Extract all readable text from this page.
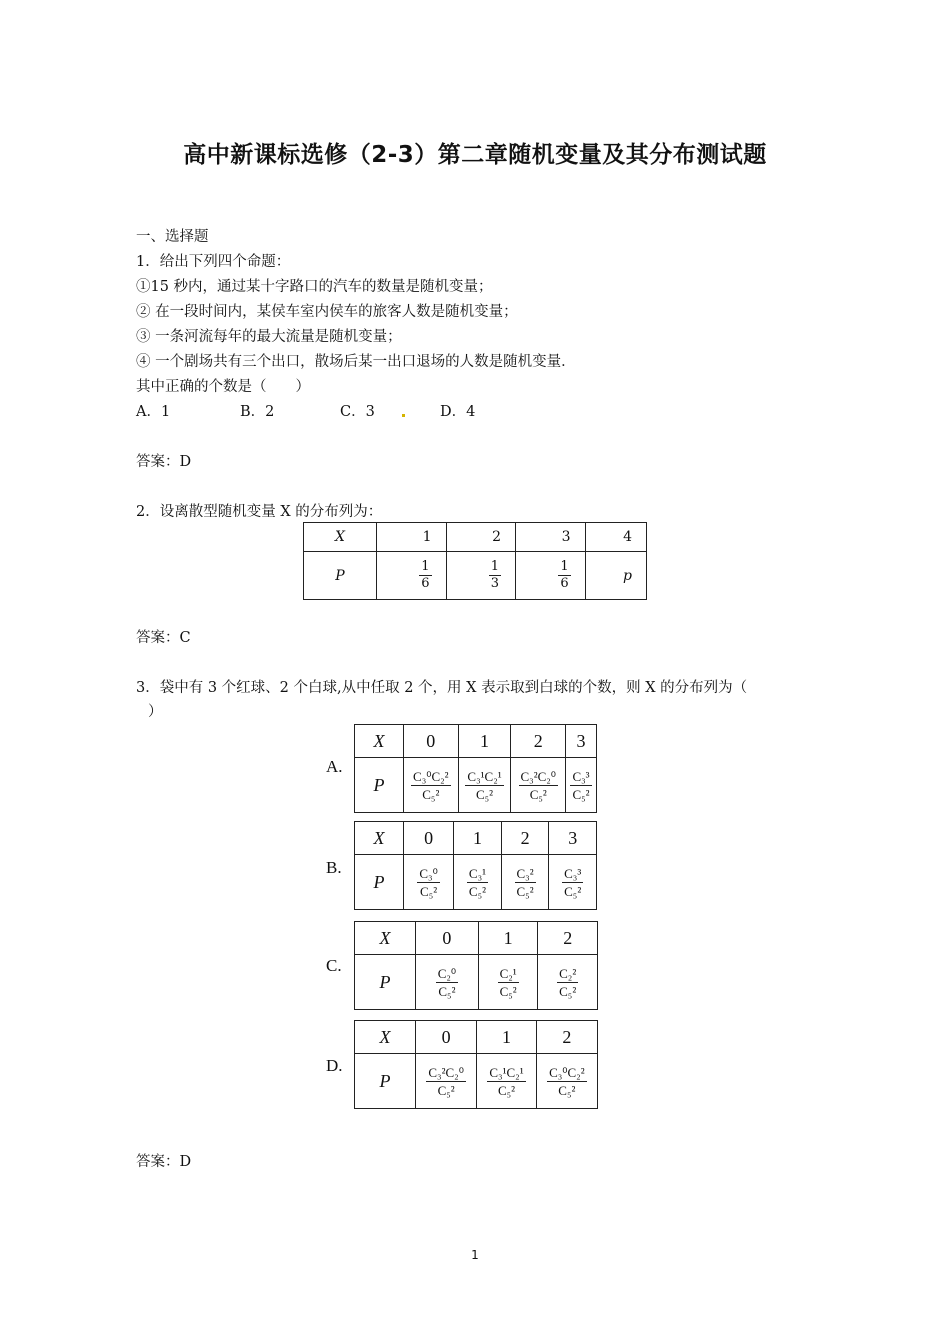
高中新课标选修（2-3）第二章随机变量及其分布测试题
一、选择题
1．给出下列四个命题：
①15 秒内，通过某十字路口的汽车的数量是随机变量；
② 在一段时间内，某侯车室内侯车的旅客人数是随机变量；
③ 一条河流每年的最大流量是随机变量；
④ 一个剧场共有三个出口，散场后某一出口退场的人数是随机变量．
其中正确的个数是（　　）
A．1	B．2	C．3	D．4
答案：D
2．设离散型随机变量 X 的分布列为：
X	1	2	3	4
P	$\frac{1}{6}$	$\frac{1}{3}$	$\frac{1}{6}$	p
答案：C
3．袋中有 3 个红球、2 个白球,从中任取 2 个，用 X 表示取到白球的个数，则 X 的分布列为（
）
A.
X	0	1	2	3
P	$\frac{\text{C₃⁰C₂²}}{\text{C₅²}}$	$\frac{\text{C₃¹C₂¹}}{\text{C₅²}}$	$\frac{\text{C₃²C₂⁰}}{\text{C₅²}}$	$\frac{\text{C₃³}}{\text{C₅²}}$
B.
X	0	1	2	3
P	$\frac{\text{C₃⁰}}{\text{C₅²}}$	$\frac{\text{C₃¹}}{\text{C₅²}}$	$\frac{\text{C₃²}}{\text{C₅²}}$	$\frac{\text{C₃³}}{\text{C₅²}}$
C.
X	0	1	2
P	$\frac{\text{C₂⁰}}{\text{C₅²}}$	$\frac{\text{C₂¹}}{\text{C₅²}}$	$\frac{\text{C₂²}}{\text{C₅²}}$
D.
X	0	1	2
P	$\frac{\text{C₃²C₂⁰}}{\text{C₅²}}$	$\frac{\text{C₃¹C₂¹}}{\text{C₅²}}$	$\frac{\text{C₃⁰C₂²}}{\text{C₅²}}$
答案：D
1
